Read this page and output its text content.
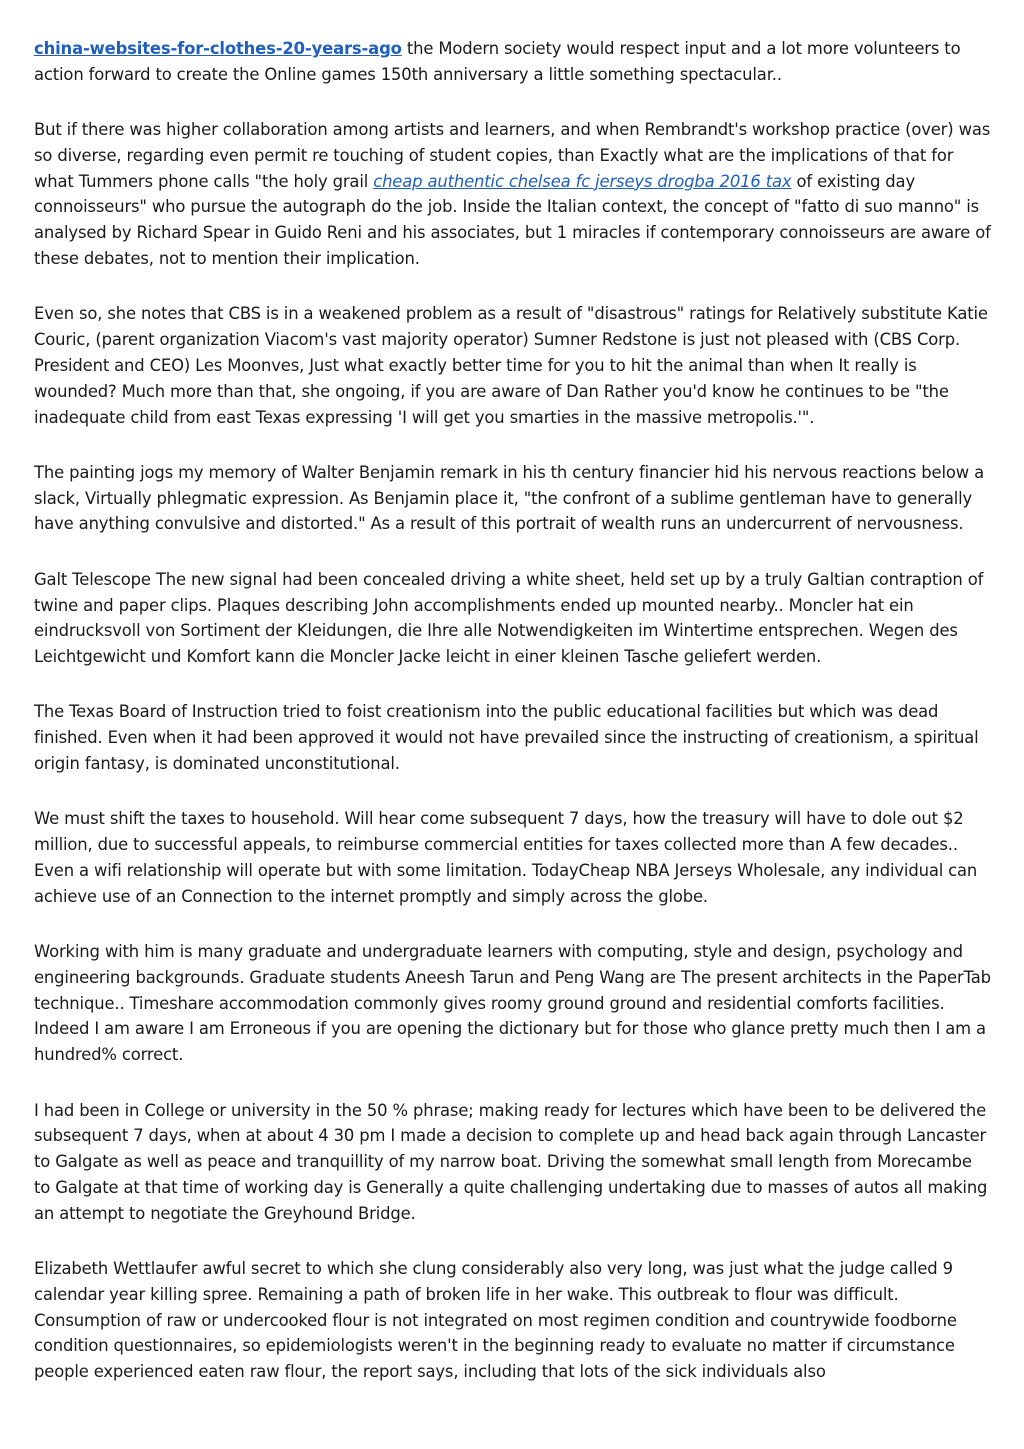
china-websites-for-clothes-20-years-ago the Modern society would respect input and a lot more volunteers to action forward to create the Online games 150th anniversary a little something spectacular..

But if there was higher collaboration among artists and learners, and when Rembrandt's workshop practice (over) was so diverse, regarding even permit re touching of student copies, than Exactly what are the implications of that for what Tummers phone calls "the holy grail cheap authentic chelsea fc jerseys drogba 2016 tax of existing day connoisseurs" who pursue the autograph do the job. Inside the Italian context, the concept of "fatto di suo manno" is analysed by Richard Spear in Guido Reni and his associates, but 1 miracles if contemporary connoisseurs are aware of these debates, not to mention their implication.

Even so, she notes that CBS is in a weakened problem as a result of "disastrous" ratings for Relatively substitute Katie Couric, (parent organization Viacom's vast majority operator) Sumner Redstone is just not pleased with (CBS Corp. President and CEO) Les Moonves, Just what exactly better time for you to hit the animal than when It really is wounded? Much more than that, she ongoing, if you are aware of Dan Rather you'd know he continues to be "the inadequate child from east Texas expressing 'I will get you smarties in the massive metropolis.'".

The painting jogs my memory of Walter Benjamin remark in his th century financier hid his nervous reactions below a slack, Virtually phlegmatic expression. As Benjamin place it, "the confront of a sublime gentleman have to generally have anything convulsive and distorted." As a result of this portrait of wealth runs an undercurrent of nervousness.

Galt Telescope The new signal had been concealed driving a white sheet, held set up by a truly Galtian contraption of twine and paper clips. Plaques describing John accomplishments ended up mounted nearby.. Moncler hat ein eindrucksvoll von Sortiment der Kleidungen, die Ihre alle Notwendigkeiten im Wintertime entsprechen. Wegen des Leichtgewicht und Komfort kann die Moncler Jacke leicht in einer kleinen Tasche geliefert werden.

The Texas Board of Instruction tried to foist creationism into the public educational facilities but which was dead finished. Even when it had been approved it would not have prevailed since the instructing of creationism, a spiritual origin fantasy, is dominated unconstitutional.

We must shift the taxes to household. Will hear come subsequent 7 days, how the treasury will have to dole out $2 million, due to successful appeals, to reimburse commercial entities for taxes collected more than A few decades.. Even a wifi relationship will operate but with some limitation. TodayCheap NBA Jerseys Wholesale, any individual can achieve use of an Connection to the internet promptly and simply across the globe.

Working with him is many graduate and undergraduate learners with computing, style and design, psychology and engineering backgrounds. Graduate students Aneesh Tarun and Peng Wang are The present architects in the PaperTab technique.. Timeshare accommodation commonly gives roomy ground ground and residential comforts facilities. Indeed I am aware I am Erroneous if you are opening the dictionary but for those who glance pretty much then I am a hundred% correct.

I had been in College or university in the 50 % phrase; making ready for lectures which have been to be delivered the subsequent 7 days, when at about 4 30 pm I made a decision to complete up and head back again through Lancaster to Galgate as well as peace and tranquillity of my narrow boat. Driving the somewhat small length from Morecambe to Galgate at that time of working day is Generally a quite challenging undertaking due to masses of autos all making an attempt to negotiate the Greyhound Bridge.

Elizabeth Wettlaufer awful secret to which she clung considerably also very long, was just what the judge called 9 calendar year killing spree. Remaining a path of broken life in her wake. This outbreak to flour was difficult. Consumption of raw or undercooked flour is not integrated on most regimen condition and countrywide foodborne condition questionnaires, so epidemiologists weren't in the beginning ready to evaluate no matter if circumstance people experienced eaten raw flour, the report says, including that lots of the sick individuals also
